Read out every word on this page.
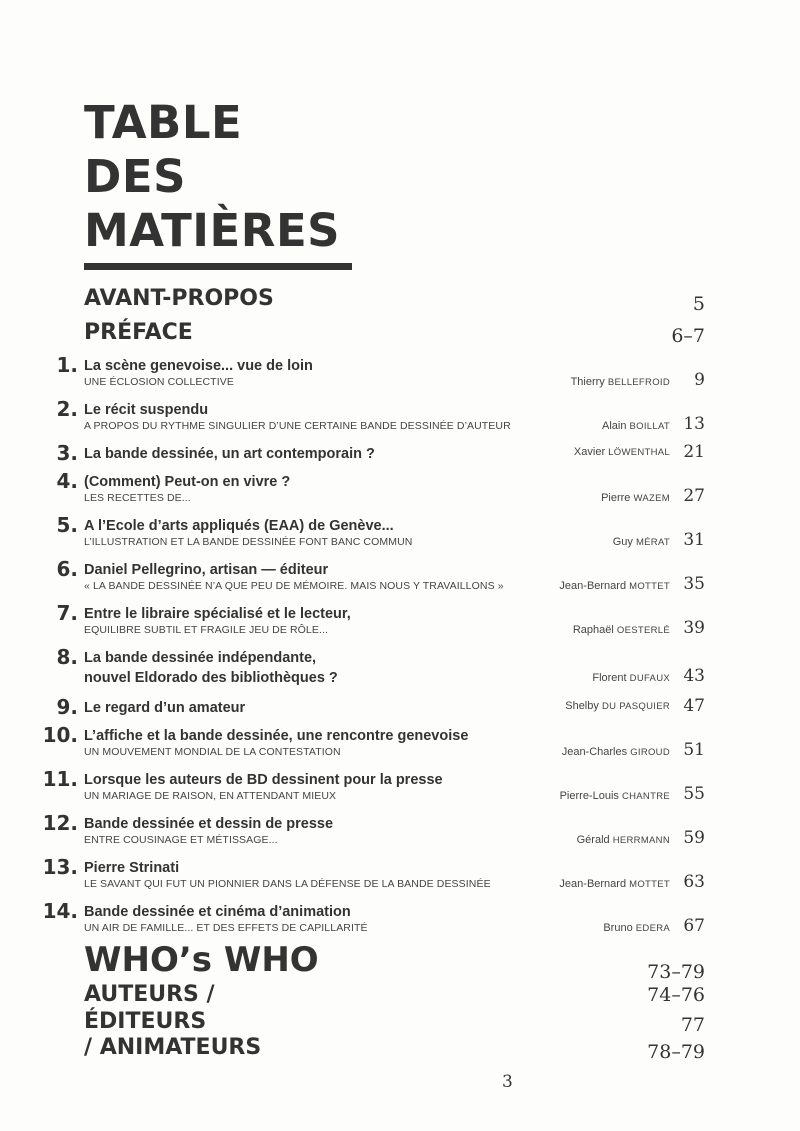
TABLE
DES
MATIÈRES
AVANT-PROPOS	5
PRÉFACE	6–7
1. La scène genevoise... vue de loin
UNE ÉCLOSION COLLECTIVE	Thierry BELLEFROID 9
2. Le récit suspendu
A PROPOS DU RYTHME SINGULIER D’UNE CERTAINE BANDE DESSINÉE D’AUTEUR	Alain BOILLAT 13
3. La bande dessinée, un art contemporain ?	Xavier LÖWENTHAL 21
4. (Comment) Peut-on en vivre ?
LES RECETTES DE...	Pierre WAZEM 27
5. A l’Ecole d’arts appliqués (EAA) de Genève...
L’ILLUSTRATION ET LA BANDE DESSINÉE FONT BANC COMMUN	Guy MÉRAT 31
6. Daniel Pellegrino, artisan — éditeur
« LA BANDE DESSINÉE N’A QUE PEU DE MÉMOIRE. MAIS NOUS Y TRAVAILLONS »	Jean-Bernard MOTTET 35
7. Entre le libraire spécialisé et le lecteur,
EQUILIBRE SUBTIL ET FRAGILE JEU DE RÔLE...	Raphaël OESTERLÉ 39
8. La bande dessinée indépendante,
nouvel Eldorado des bibliothèques ?	Florent DUFAUX 43
9. Le regard d’un amateur	Shelby DU PASQUIER 47
10. L’affiche et la bande dessinée, une rencontre genevoise
UN MOUVEMENT MONDIAL DE LA CONTESTATION	Jean-Charles GIROUD 51
11. Lorsque les auteurs de BD dessinent pour la presse
UN MARIAGE DE RAISON, EN ATTENDANT MIEUX	Pierre-Louis CHANTRE 55
12. Bande dessinée et dessin de presse
ENTRE COUSINAGE ET MÉTISSAGE...	Gérald HERRMANN 59
13. Pierre Strinati
LE SAVANT QUI FUT UN PIONNIER DANS LA DÉFENSE DE LA BANDE DESSINÉE	Jean-Bernard MOTTET 63
14. Bande dessinée et cinéma d’animation
UN AIR DE FAMILLE... ET DES EFFETS DE CAPILLARITÉ	Bruno EDERA 67
WHO’s WHO	73–79
AUTEURS /	74–76
ÉDITEURS	77
/ ANIMATEURS	78–79
3
